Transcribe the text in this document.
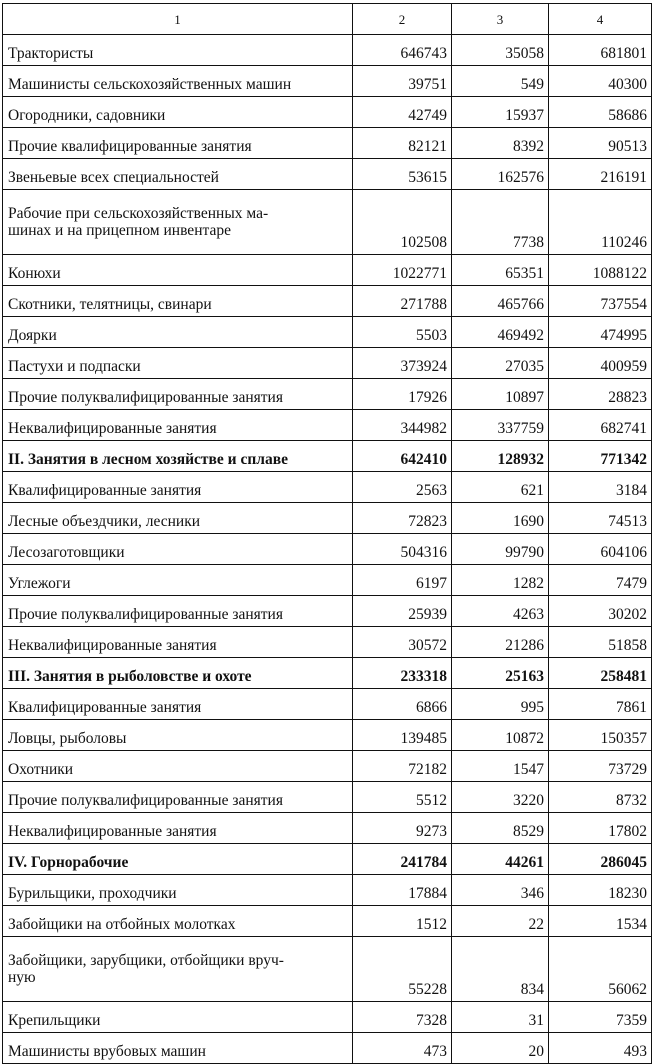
1	2	3	4
Трактористы	646743	35058	681801
Машинисты сельскохозяйственных машин	39751	549	40300
Огородники, садовники	42749	15937	58686
Прочие квалифицированные занятия	82121	8392	90513
Звеньевые всех специальностей	53615	162576	216191
Рабочие при сельскохозяйственных ма-
шинах и на прицепном инвентаре	102508	7738	110246
Конюхи	1022771	65351	1088122
Скотники, телятницы, свинари	271788	465766	737554
Доярки	5503	469492	474995
Пастухи и подпаски	373924	27035	400959
Прочие полуквалифицированные занятия	17926	10897	28823
Неквалифицированные занятия	344982	337759	682741
II. Занятия в лесном хозяйстве и сплаве	642410	128932	771342
Квалифицированные занятия	2563	621	3184
Лесные объездчики, лесники	72823	1690	74513
Лесозаготовщики	504316	99790	604106
Углежоги	6197	1282	7479
Прочие полуквалифицированные занятия	25939	4263	30202
Неквалифицированные занятия	30572	21286	51858
III. Занятия в рыболовстве и охоте	233318	25163	258481
Квалифицированные занятия	6866	995	7861
Ловцы, рыболовы	139485	10872	150357
Охотники	72182	1547	73729
Прочие полуквалифицированные занятия	5512	3220	8732
Неквалифицированные занятия	9273	8529	17802
IV. Горнорабочие	241784	44261	286045
Бурильщики, проходчики	17884	346	18230
Забойщики на отбойных молотках	1512	22	1534
Забойщики, зарубщики, отбойщики вруч-
ную	55228	834	56062
Крепильщики	7328	31	7359
Машинисты врубовых машин	473	20	493
